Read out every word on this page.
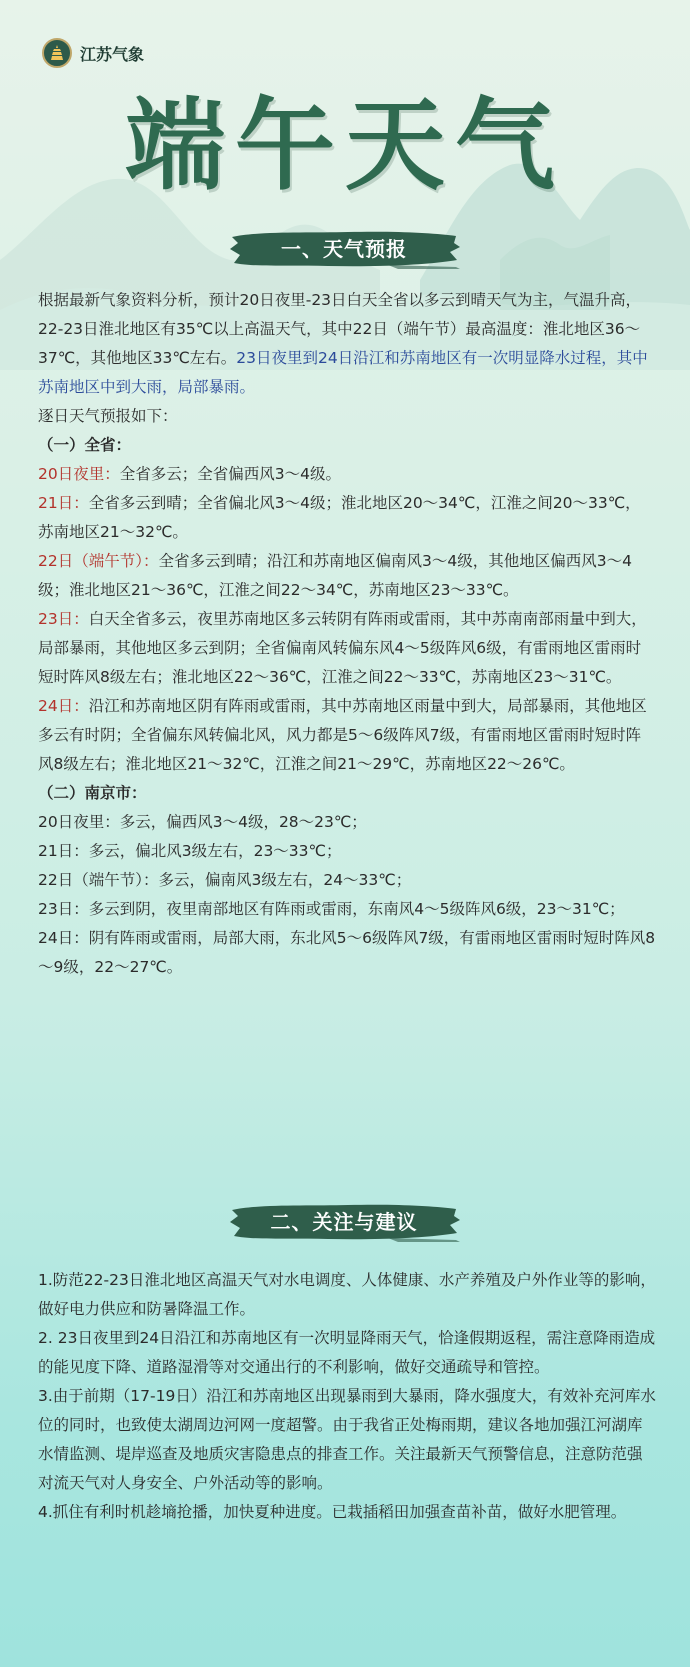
江苏气象
端午天气
一、天气预报

根据最新气象资料分析，预计20日夜里-23日白天全省以多云到晴天气为主，气温升高，22-23日淮北地区有35℃以上高温天气，其中22日（端午节）最高温度：淮北地区36～37℃，其他地区33℃左右。23日夜里到24日沿江和苏南地区有一次明显降水过程，其中苏南地区中到大雨，局部暴雨。

逐日天气预报如下：

（一）全省：

20日夜里：全省多云；全省偏西风3～4级。

21日：全省多云到晴；全省偏北风3～4级；淮北地区20～34℃，江淮之间20～33℃，苏南地区21～32℃。

22日（端午节）：全省多云到晴；沿江和苏南地区偏南风3～4级，其他地区偏西风3～4级；淮北地区21～36℃，江淮之间22～34℃，苏南地区23～33℃。

23日：白天全省多云，夜里苏南地区多云转阴有阵雨或雷雨，其中苏南南部雨量中到大，局部暴雨，其他地区多云到阴；全省偏南风转偏东风4～5级阵风6级，有雷雨地区雷雨时短时阵风8级左右；淮北地区22～36℃，江淮之间22～33℃，苏南地区23～31℃。

24日：沿江和苏南地区阴有阵雨或雷雨，其中苏南地区雨量中到大，局部暴雨，其他地区多云有时阴；全省偏东风转偏北风，风力都是5～6级阵风7级，有雷雨地区雷雨时短时阵风8级左右；淮北地区21～32℃，江淮之间21～29℃，苏南地区22～26℃。

（二）南京市：

20日夜里：多云，偏西风3～4级，28～23℃；

21日：多云，偏北风3级左右，23～33℃；

22日（端午节）：多云，偏南风3级左右，24～33℃；

23日：多云到阴，夜里南部地区有阵雨或雷雨，东南风4～5级阵风6级，23～31℃；

24日：阴有阵雨或雷雨，局部大雨，东北风5～6级阵风7级，有雷雨地区雷雨时短时阵风8～9级，22～27℃。

二、关注与建议

1.防范22-23日淮北地区高温天气对水电调度、人体健康、水产养殖及户外作业等的影响，做好电力供应和防暑降温工作。

2. 23日夜里到24日沿江和苏南地区有一次明显降雨天气，恰逢假期返程，需注意降雨造成的能见度下降、道路湿滑等对交通出行的不利影响，做好交通疏导和管控。

3.由于前期（17-19日）沿江和苏南地区出现暴雨到大暴雨，降水强度大，有效补充河库水位的同时，也致使太湖周边河网一度超警。由于我省正处梅雨期，建议各地加强江河湖库水情监测、堤岸巡查及地质灾害隐患点的排查工作。关注最新天气预警信息，注意防范强对流天气对人身安全、户外活动等的影响。

4.抓住有利时机趁墒抢播，加快夏种进度。已栽插稻田加强查苗补苗，做好水肥管理。
